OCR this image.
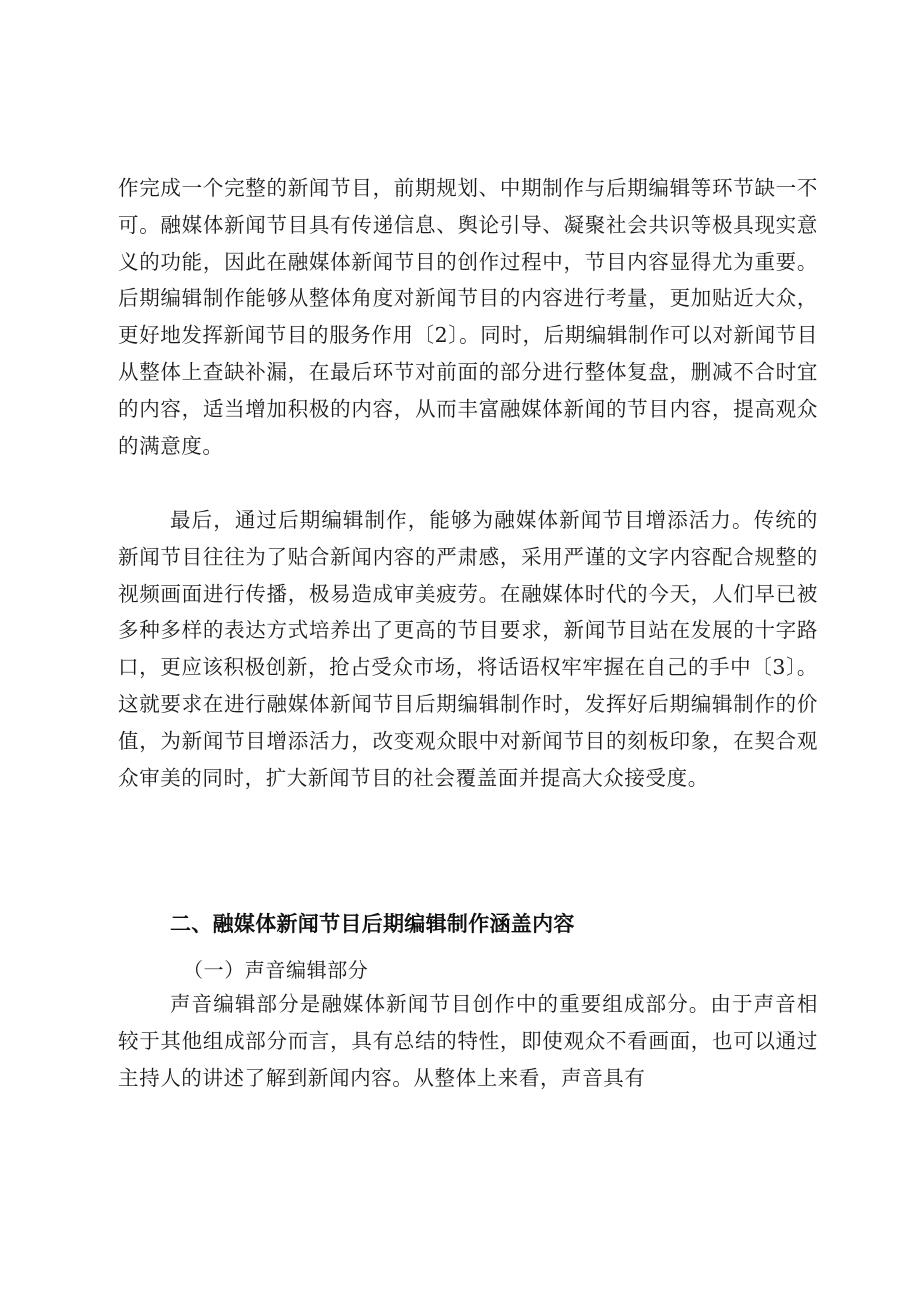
作完成一个完整的新闻节目，前期规划、中期制作与后期编辑等环节缺一不可。融媒体新闻节目具有传递信息、舆论引导、凝聚社会共识等极具现实意义的功能，因此在融媒体新闻节目的创作过程中，节目内容显得尤为重要。后期编辑制作能够从整体角度对新闻节目的内容进行考量，更加贴近大众，更好地发挥新闻节目的服务作用〔2〕。同时，后期编辑制作可以对新闻节目从整体上查缺补漏，在最后环节对前面的部分进行整体复盘，删减不合时宜的内容，适当增加积极的内容，从而丰富融媒体新闻的节目内容，提高观众的满意度。

最后，通过后期编辑制作，能够为融媒体新闻节目增添活力。传统的新闻节目往往为了贴合新闻内容的严肃感，采用严谨的文字内容配合规整的视频画面进行传播，极易造成审美疲劳。在融媒体时代的今天，人们早已被多种多样的表达方式培养出了更高的节目要求，新闻节目站在发展的十字路口，更应该积极创新，抢占受众市场，将话语权牢牢握在自己的手中〔3〕。这就要求在进行融媒体新闻节目后期编辑制作时，发挥好后期编辑制作的价值，为新闻节目增添活力，改变观众眼中对新闻节目的刻板印象，在契合观众审美的同时，扩大新闻节目的社会覆盖面并提高大众接受度。

二、融媒体新闻节目后期编辑制作涵盖内容
（一）声音编辑部分

声音编辑部分是融媒体新闻节目创作中的重要组成部分。由于声音相较于其他组成部分而言，具有总结的特性，即使观众不看画面，也可以通过主持人的讲述了解到新闻内容。从整体上来看，声音具有
